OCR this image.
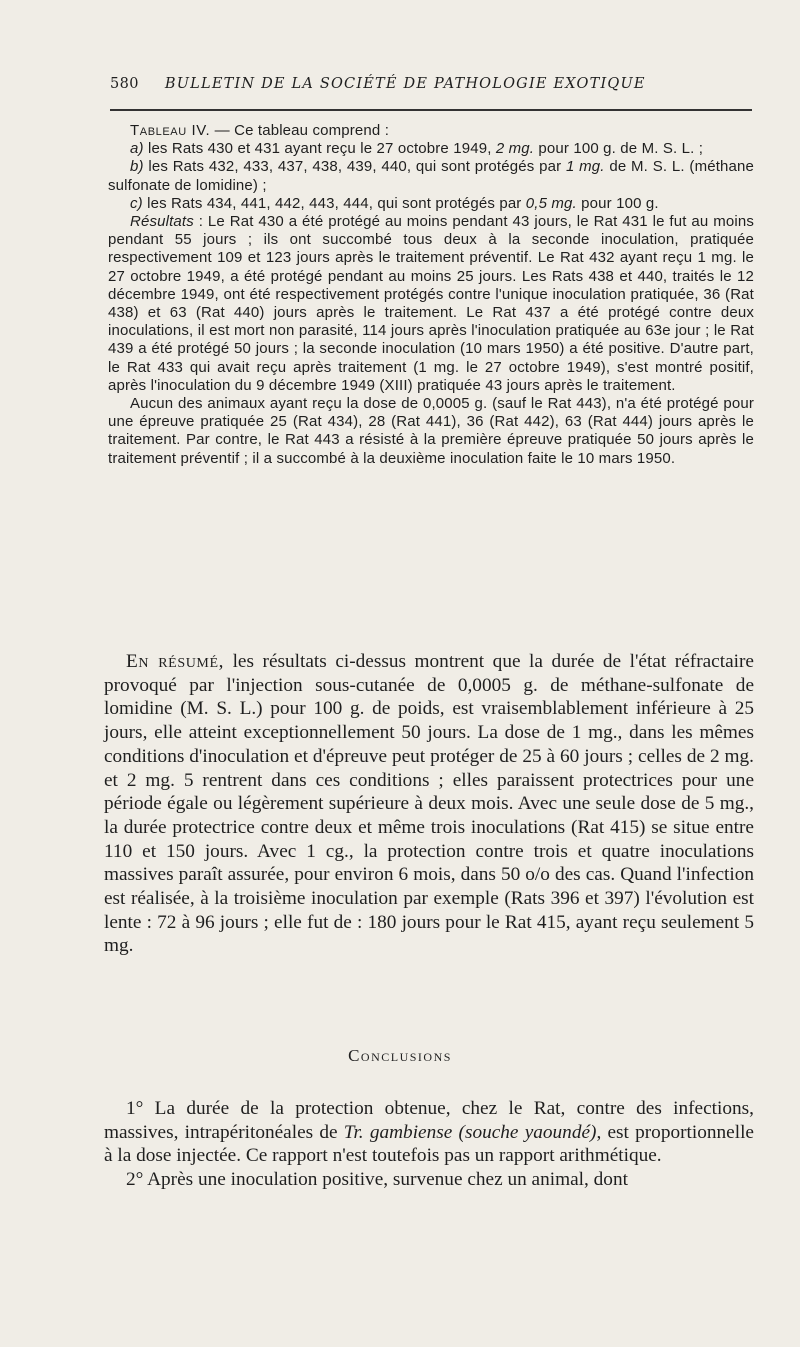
580 BULLETIN DE LA SOCIÉTÉ DE PATHOLOGIE EXOTIQUE

Tableau IV. — Ce tableau comprend :

a) les Rats 430 et 431 ayant reçu le 27 octobre 1949, 2 mg. pour 100 g. de M. S. L. ;

b) les Rats 432, 433, 437, 438, 439, 440, qui sont protégés par 1 mg. de M. S. L. (méthane sulfonate de lomidine) ;

c) les Rats 434, 441, 442, 443, 444, qui sont protégés par 0,5 mg. pour 100 g.

Résultats : Le Rat 430 a été protégé au moins pendant 43 jours, le Rat 431 le fut au moins pendant 55 jours ; ils ont succombé tous deux à la seconde inoculation, pratiquée respectivement 109 et 123 jours après le traitement préventif. Le Rat 432 ayant reçu 1 mg. le 27 octobre 1949, a été protégé pendant au moins 25 jours. Les Rats 438 et 440, traités le 12 décembre 1949, ont été respectivement protégés contre l'unique inoculation pratiquée, 36 (Rat 438) et 63 (Rat 440) jours après le traitement. Le Rat 437 a été protégé contre deux inoculations, il est mort non parasité, 114 jours après l'inoculation pratiquée au 63e jour ; le Rat 439 a été protégé 50 jours ; la seconde inoculation (10 mars 1950) a été positive. D'autre part, le Rat 433 qui avait reçu après traitement (1 mg. le 27 octobre 1949), s'est montré positif, après l'inoculation du 9 décembre 1949 (XIII) pratiquée 43 jours après le traitement.

Aucun des animaux ayant reçu la dose de 0,0005 g. (sauf le Rat 443), n'a été protégé pour une épreuve pratiquée 25 (Rat 434), 28 (Rat 441), 36 (Rat 442), 63 (Rat 444) jours après le traitement. Par contre, le Rat 443 a résisté à la première épreuve pratiquée 50 jours après le traitement préventif ; il a succombé à la deuxième inoculation faite le 10 mars 1950.

En résumé, les résultats ci-dessus montrent que la durée de l'état réfractaire provoqué par l'injection sous-cutanée de 0,0005 g. de méthane-sulfonate de lomidine (M. S. L.) pour 100 g. de poids, est vraisemblablement inférieure à 25 jours, elle atteint exceptionnellement 50 jours. La dose de 1 mg., dans les mêmes conditions d'inoculation et d'épreuve peut protéger de 25 à 60 jours ; celles de 2 mg. et 2 mg. 5 rentrent dans ces conditions ; elles paraissent protectrices pour une période égale ou légèrement supérieure à deux mois. Avec une seule dose de 5 mg., la durée protectrice contre deux et même trois inoculations (Rat 415) se situe entre 110 et 150 jours. Avec 1 cg., la protection contre trois et quatre inoculations massives paraît assurée, pour environ 6 mois, dans 50 o/o des cas. Quand l'infection est réalisée, à la troisième inoculation par exemple (Rats 396 et 397) l'évolution est lente : 72 à 96 jours ; elle fut de : 180 jours pour le Rat 415, ayant reçu seulement 5 mg.

Conclusions

1° La durée de la protection obtenue, chez le Rat, contre des infections, massives, intrapéritonéales de Tr. gambiense (souche yaoundé), est proportionnelle à la dose injectée. Ce rapport n'est toutefois pas un rapport arithmétique.

2° Après une inoculation positive, survenue chez un animal, dont
